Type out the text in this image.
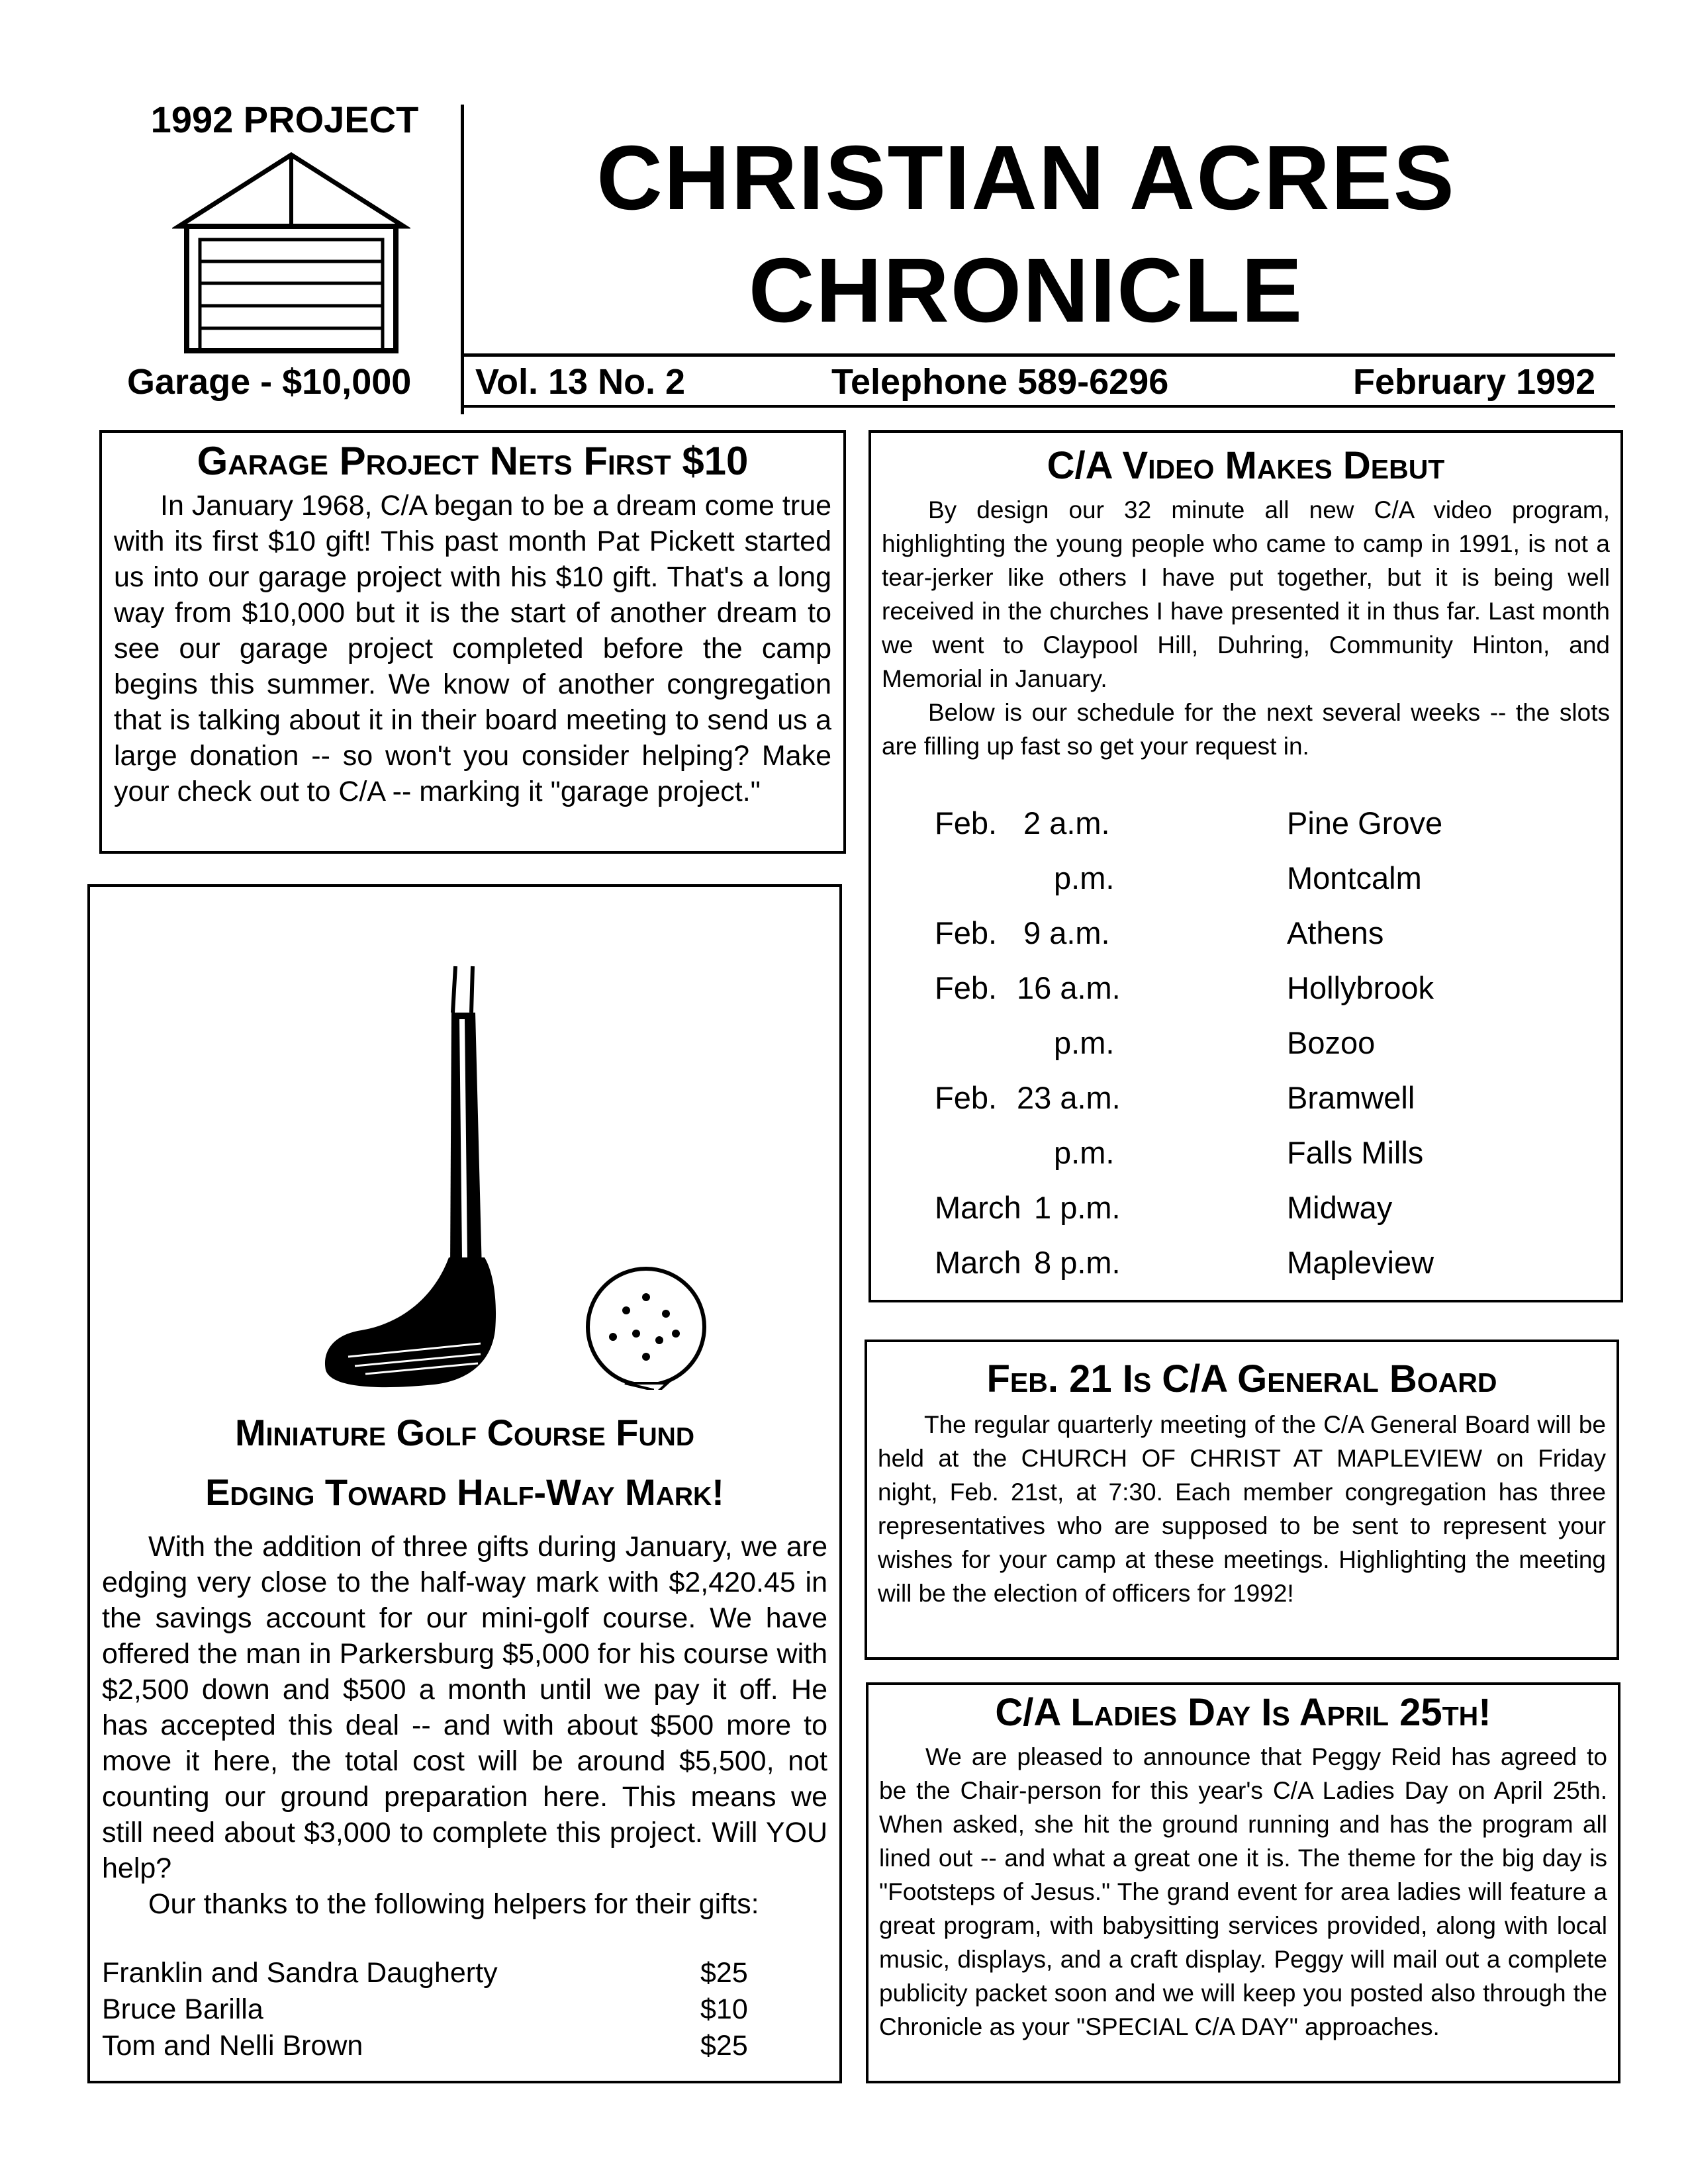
1992 PROJECT
Garage - $10,000
CHRISTIAN ACRES
CHRONICLE
Vol. 13 No. 2	Telephone 589-6296	February 1992
Garage Project Nets First $10

In January 1968, C/A began to be a dream come true with its first $10 gift! This past month Pat Pickett started us into our garage project with his $10 gift. That's a long way from $10,000 but it is the start of another dream to see our garage project completed before the camp begins this summer. We know of another congregation that is talking about it in their board meeting to send us a large donation -- so won't you consider helping? Make your check out to C/A -- marking it "garage project."

Miniature Golf Course Fund
Edging Toward Half-Way Mark!

With the addition of three gifts during January, we are edging very close to the half-way mark with $2,420.45 in the savings account for our mini-golf course. We have offered the man in Parkersburg $5,000 for his course with $2,500 down and $500 a month until we pay it off. He has accepted this deal -- and with about $500 more to move it here, the total cost will be around $5,500, not counting our ground preparation here. This means we still need about $3,000 to complete this project. Will YOU help?

Our thanks to the following helpers for their gifts:

Franklin and Sandra Daugherty	$25
Bruce Barilla	$10
Tom and Nelli Brown	$25
C/A Video Makes Debut

By design our 32 minute all new C/A video program, highlighting the young people who came to camp in 1991, is not a tear-jerker like others I have put together, but it is being well received in the churches I have presented it in thus far. Last month we went to Claypool Hill, Duhring, Community Hinton, and Memorial in January.

Below is our schedule for the next several weeks -- the slots are filling up fast so get your request in.

Feb. 2 a.m.	Pine Grove
p.m.	Montcalm
Feb. 9 a.m.	Athens
Feb. 16 a.m.	Hollybrook
p.m.	Bozoo
Feb. 23 a.m.	Bramwell
p.m.	Falls Mills
March 1 p.m.	Midway
March 8 p.m.	Mapleview
Feb. 21 Is C/A General Board

The regular quarterly meeting of the C/A General Board will be held at the CHURCH OF CHRIST AT MAPLEVIEW on Friday night, Feb. 21st, at 7:30. Each member congregation has three representatives who are supposed to be sent to represent your wishes for your camp at these meetings. Highlighting the meeting will be the election of officers for 1992!

C/A Ladies Day Is April 25th!

We are pleased to announce that Peggy Reid has agreed to be the Chair-person for this year's C/A Ladies Day on April 25th. When asked, she hit the ground running and has the program all lined out -- and what a great one it is. The theme for the big day is "Footsteps of Jesus." The grand event for area ladies will feature a great program, with babysitting services provided, along with local music, displays, and a craft display. Peggy will mail out a complete publicity packet soon and we will keep you posted also through the Chronicle as your "SPECIAL C/A DAY" approaches.
